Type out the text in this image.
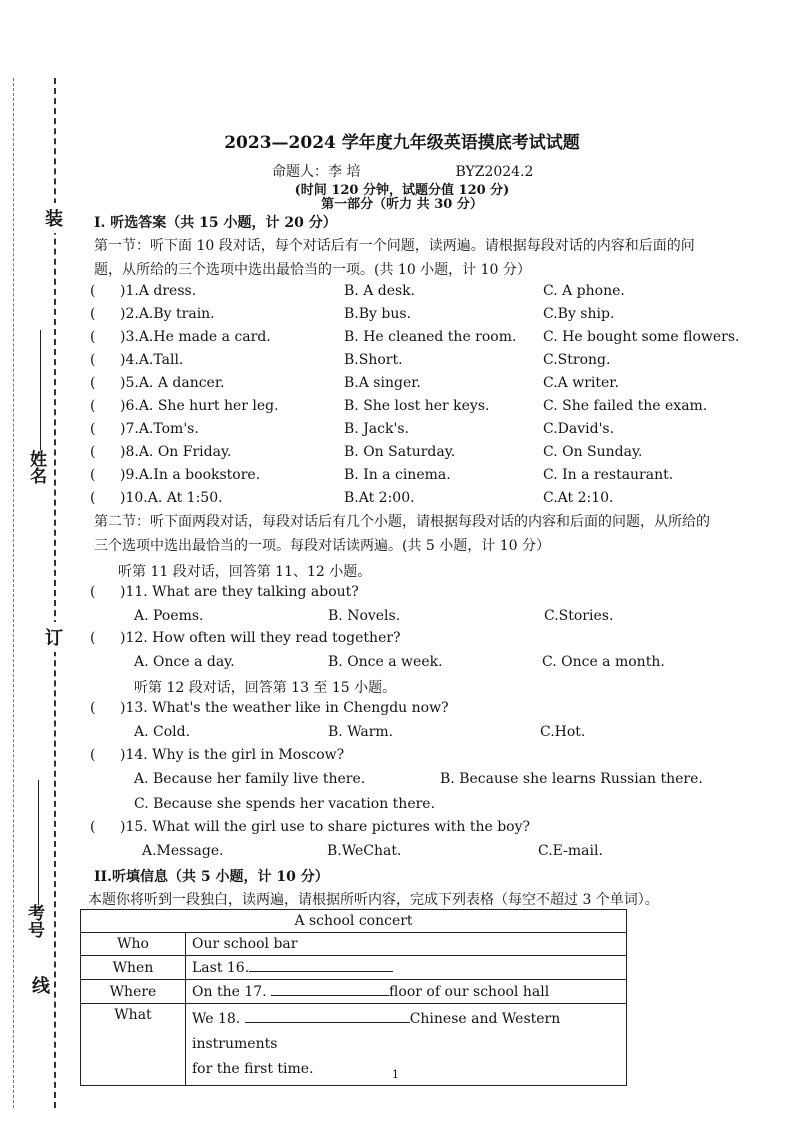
装
订
线
姓名
考号
2023—2024 学年度九年级英语摸底考试试题
命题人：李 培	BYZ2024.2
(时间 120 分钟，试题分值 120 分)
第一部分（听力 共 30 分）
I. 听选答案（共 15 小题，计 20 分）
第一节：听下面 10 段对话，每个对话后有一个问题，读两遍。请根据每段对话的内容和后面的问题，从所给的三个选项中选出最恰当的一项。(共 10 小题，计 10 分）
( )1.A dress.	B. A desk.	C. A phone.
( )2.A.By train.	B.By bus.	C.By ship.
( )3.A.He made a card.	B. He cleaned the room. C. He bought some flowers.
( )4.A.Tall.	B.Short.	C.Strong.
( )5.A. A dancer.	B.A singer.	C.A writer.
( )6.A. She hurt her leg.	B. She lost her keys.	C. She failed the exam.
( )7.A.Tom's.	B. Jack's.	C.David's.
( )8.A. On Friday.	B. On Saturday.	C. On Sunday.
( )9.A.In a bookstore.	B. In a cinema.	C. In a restaurant.
( )10.A. At 1:50.	B.At 2:00.	C.At 2:10.
第二节：听下面两段对话，每段对话后有几个小题，请根据每段对话的内容和后面的问题，从所给的三个选项中选出最恰当的一项。每段对话读两遍。(共 5 小题，计 10 分）
听第 11 段对话，回答第 11、12 小题。
( )11. What are they talking about?
A. Poems.	B. Novels.	C.Stories.
( )12. How often will they read together?
A. Once a day.	B. Once a week.	C. Once a month.
听第 12 段对话，回答第 13 至 15 小题。
( )13. What's the weather like in Chengdu now?
A. Cold.	B. Warm.	C.Hot.
( )14. Why is the girl in Moscow?
A. Because her family live there.	B. Because she learns Russian there.
C. Because she spends her vacation there.
( )15. What will the girl use to share pictures with the boy?
A.Message.	B.WeChat.	C.E-mail.
II.听填信息（共 5 小题，计 10 分）
本题你将听到一段独白，读两遍，请根据所听内容，完成下列表格（每空不超过 3 个单词）。
A school concert	
Who	Our school bar
When	Last 16.
Where	On the 17. floor of our school hall
What	We 18. Chinese and Western instruments
for the first time.	1
